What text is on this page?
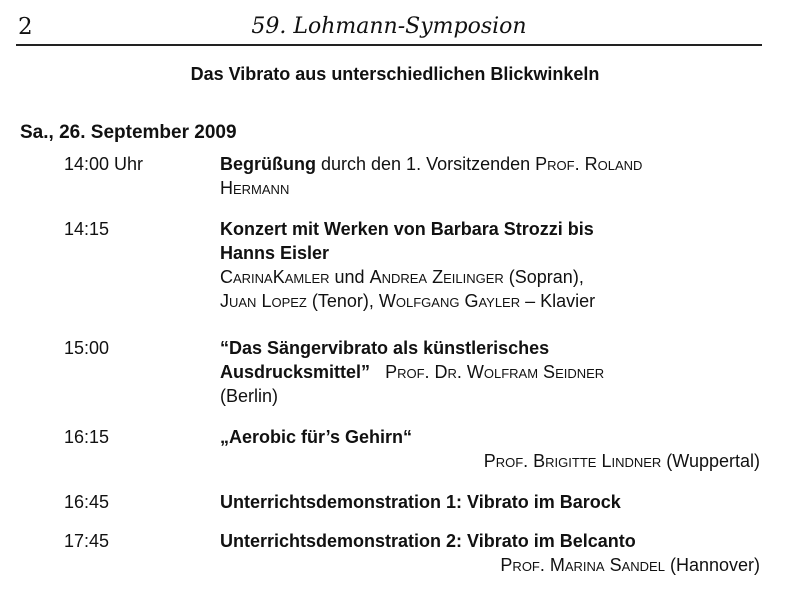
2	59. Lohmann-Symposion
Das Vibrato aus unterschiedlichen Blickwinkeln
Sa., 26. September 2009
14:00 Uhr	Begrüßung durch den 1. Vorsitzenden Prof. Roland
Hermann
14:15	Konzert mit Werken von Barbara Strozzi bis
Hanns Eisler
CarinaKamler und Andrea Zeilinger (Sopran),
Juan Lopez (Tenor), Wolfgang Gayler – Klavier
15:00	“Das Sängervibrato als künstlerisches
Ausdrucksmittel” Prof. Dr. Wolfram Seidner
(Berlin)
16:15	„Aerobic für’s Gehirn“
Prof. Brigitte Lindner (Wuppertal)
16:45	Unterrichtsdemonstration 1: Vibrato im Barock
17:45	Unterrichtsdemonstration 2: Vibrato im Belcanto
Prof. Marina Sandel (Hannover)
